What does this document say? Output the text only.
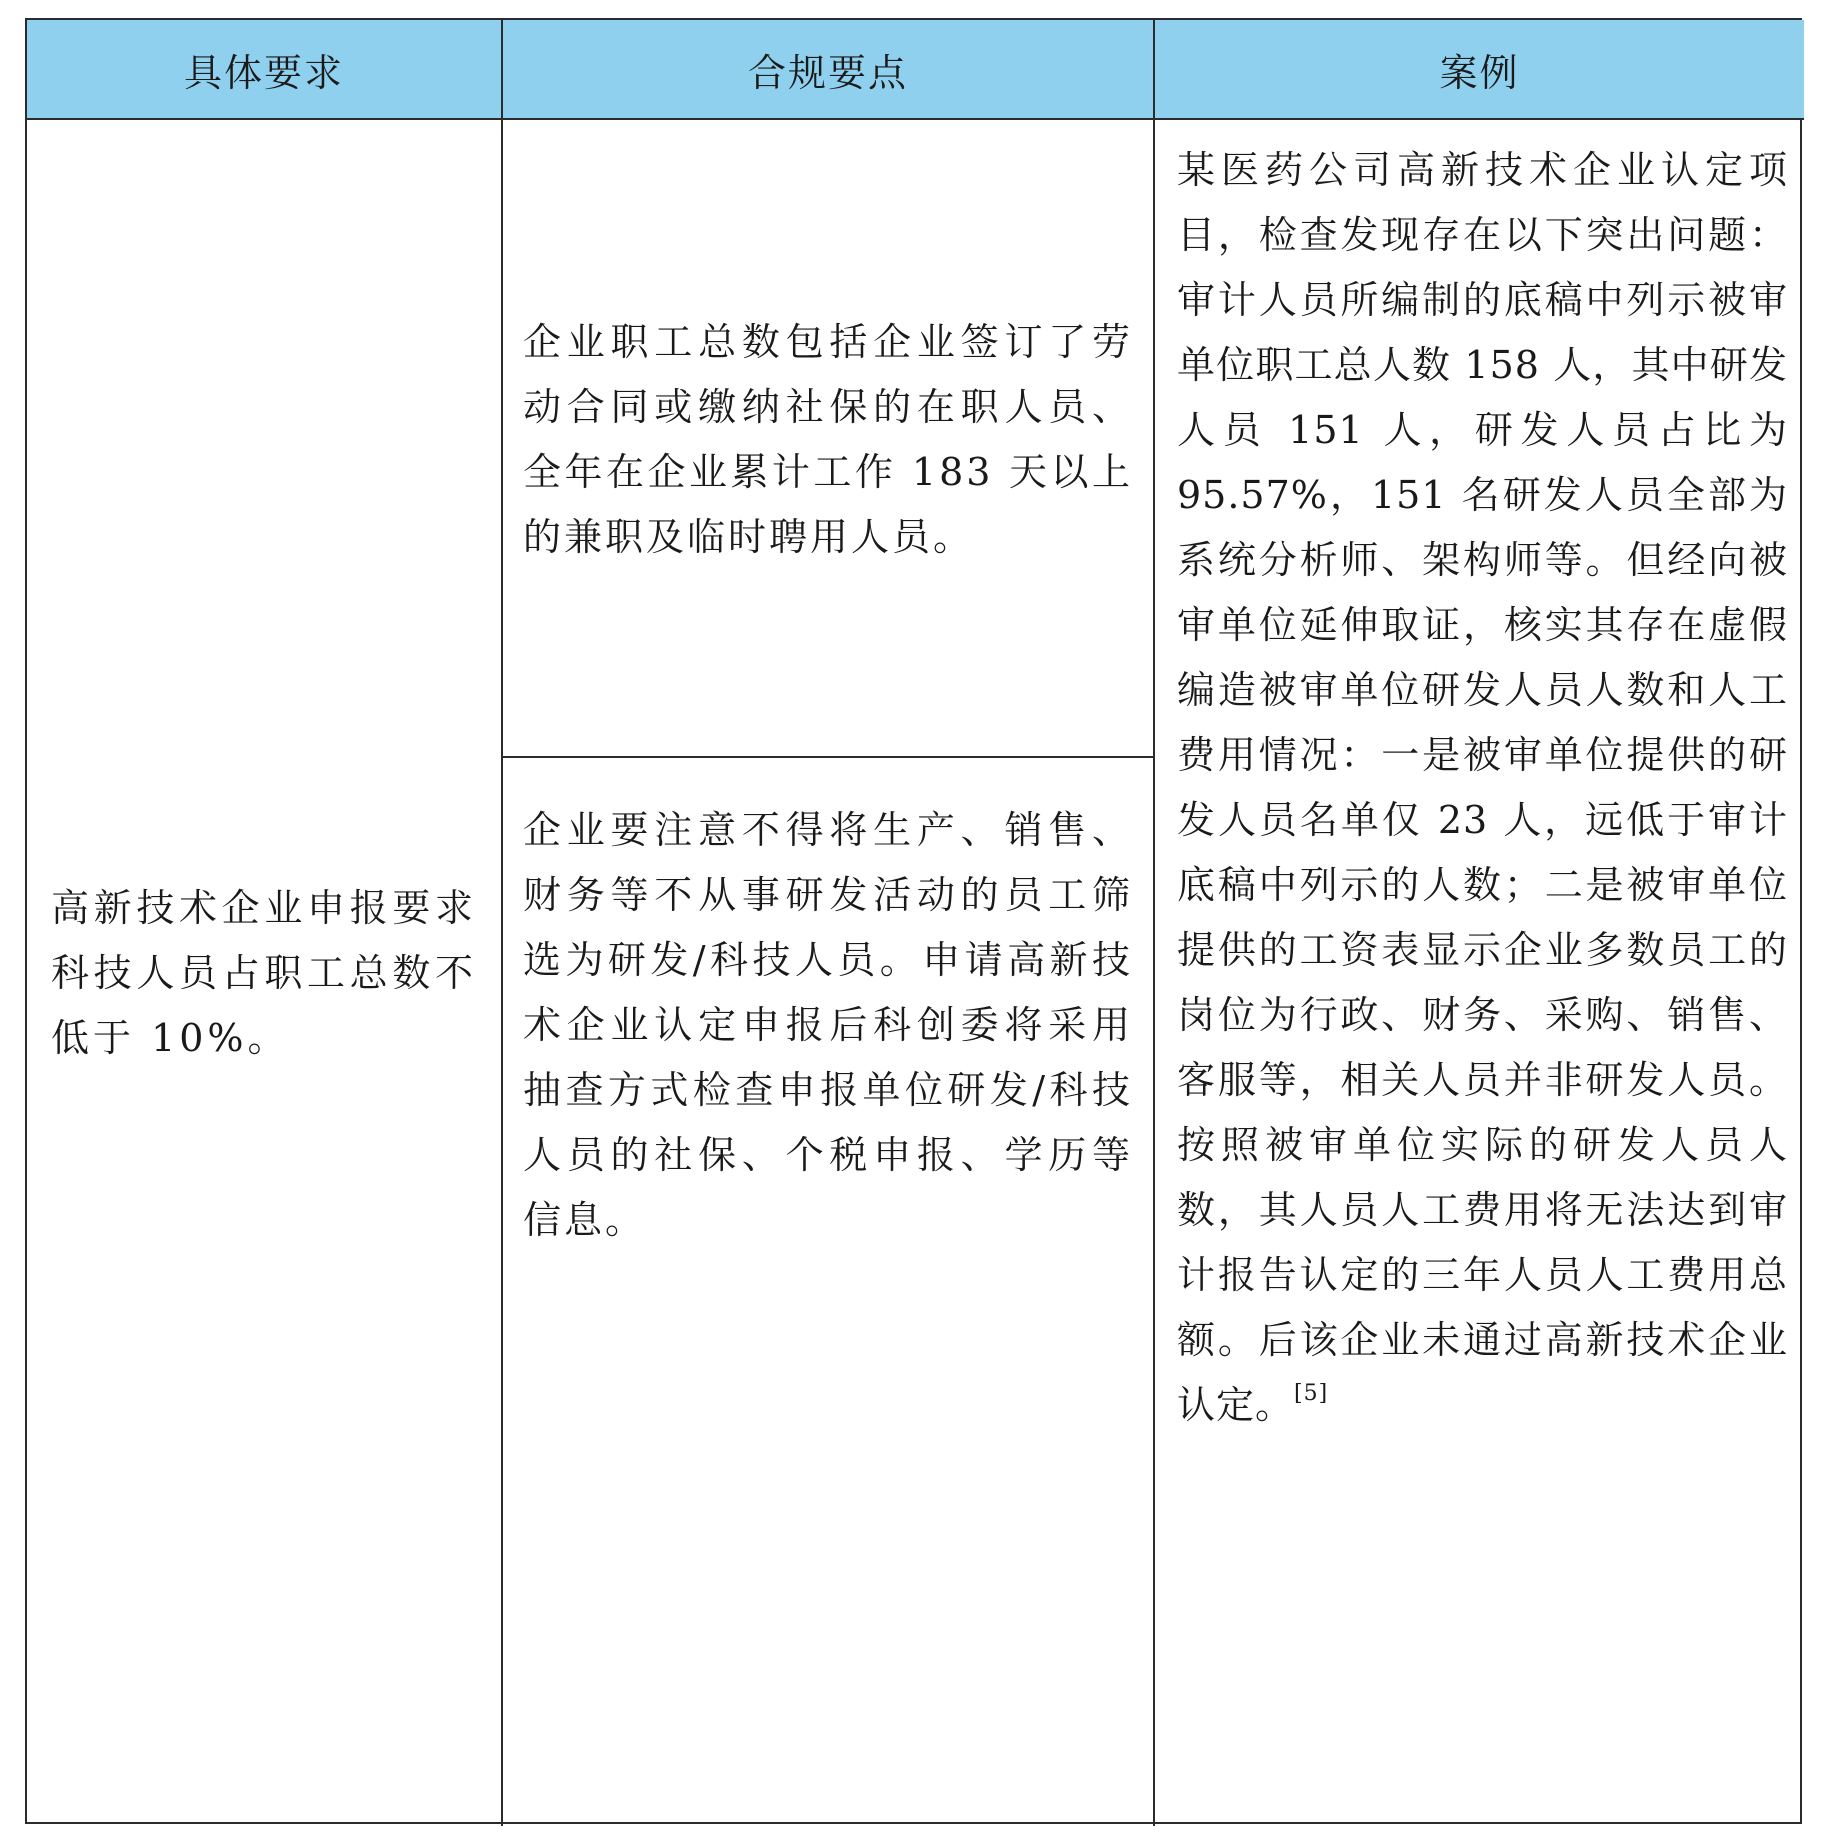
具体要求	合规要点	案例

高新技术企业申报要求科技人员占职工总数不低于 10%。

企业职工总数包括企业签订了劳动合同或缴纳社保的在职人员、全年在企业累计工作 183 天以上的兼职及临时聘用人员。

企业要注意不得将生产、销售、财务等不从事研发活动的员工筛选为研发/科技人员。申请高新技术企业认定申报后科创委将采用抽查方式检查申报单位研发/科技人员的社保、个税申报、学历等信息。

某医药公司高新技术企业认定项目，检查发现存在以下突出问题：审计人员所编制的底稿中列示被审单位职工总人数 158 人，其中研发人员 151 人，研发人员占比为 95.57%，151 名研发人员全部为系统分析师、架构师等。但经向被审单位延伸取证，核实其存在虚假编造被审单位研发人员人数和人工费用情况：一是被审单位提供的研发人员名单仅 23 人，远低于审计底稿中列示的人数；二是被审单位提供的工资表显示企业多数员工的岗位为行政、财务、采购、销售、客服等，相关人员并非研发人员。按照被审单位实际的研发人员人数，其人员人工费用将无法达到审计报告认定的三年人员人工费用总额。后该企业未通过高新技术企业认定。[5]
